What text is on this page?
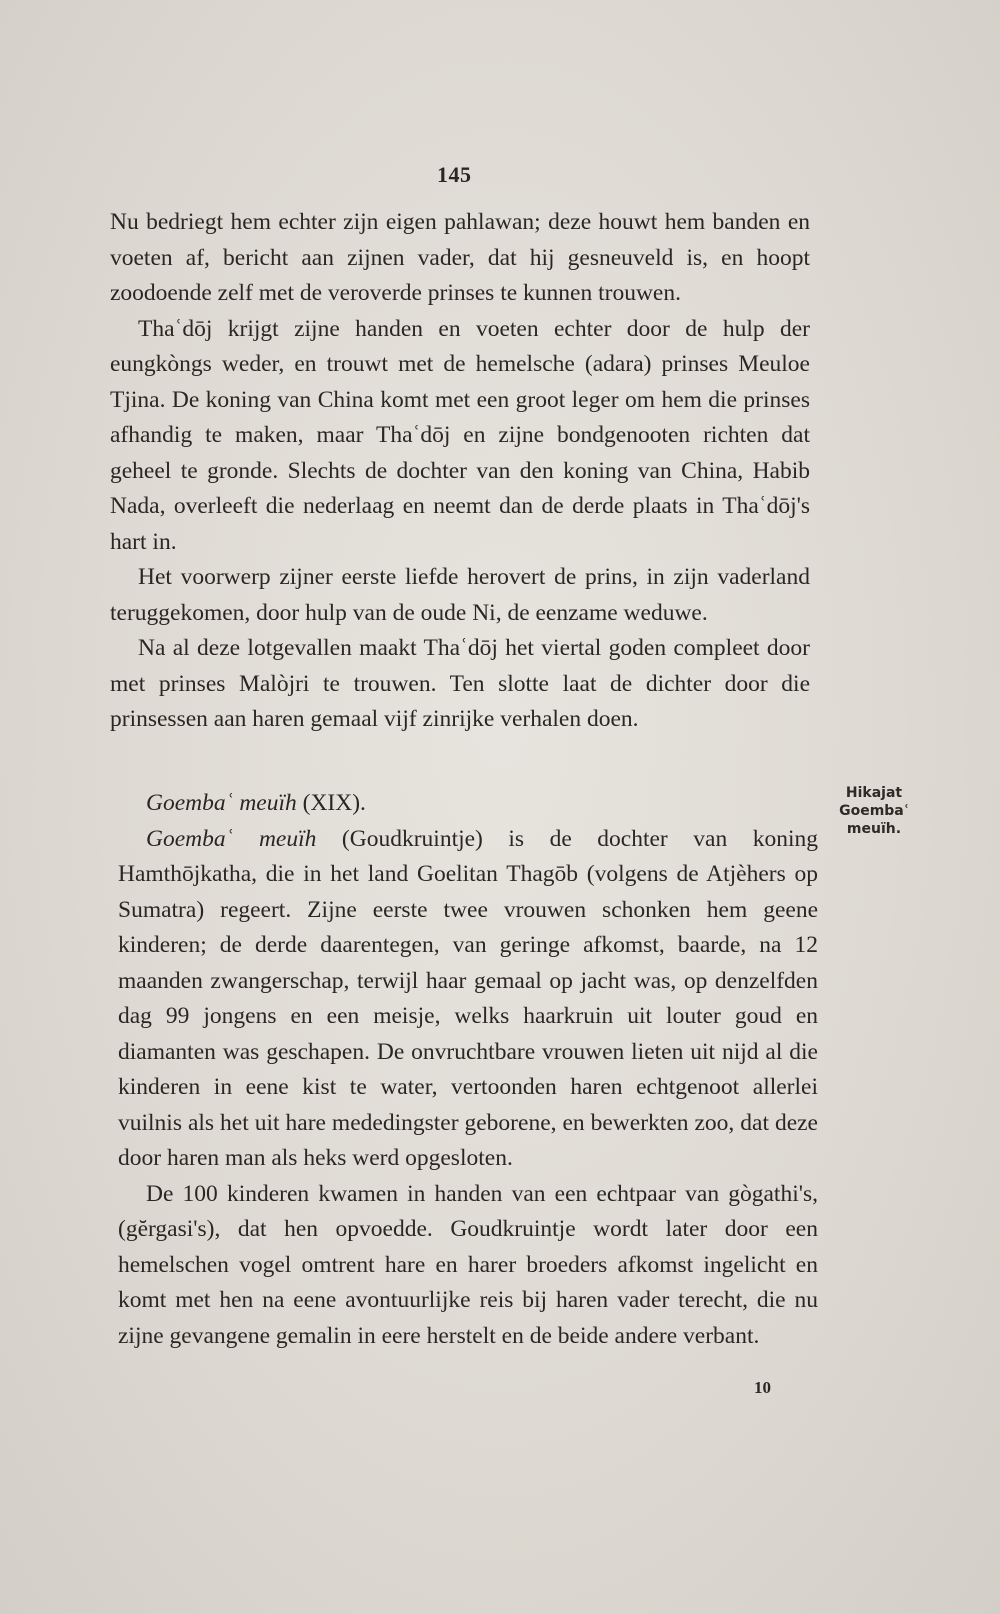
145

Nu bedriegt hem echter zijn eigen pahlawan; deze houwt hem banden en voeten af, bericht aan zijnen vader, dat hij gesneuveld is, en hoopt zoodoende zelf met de veroverde prinses te kunnen trouwen.

Thaʿdōj krijgt zijne handen en voeten echter door de hulp der eungkòngs weder, en trouwt met de hemelsche (adara) prinses Meuloe Tjina. De koning van China komt met een groot leger om hem die prinses afhandig te maken, maar Thaʿdōj en zijne bondgenooten richten dat geheel te gronde. Slechts de dochter van den koning van China, Habib Nada, overleeft die nederlaag en neemt dan de derde plaats in Thaʿdōj's hart in.

Het voorwerp zijner eerste liefde herovert de prins, in zijn vaderland teruggekomen, door hulp van de oude Ni, de eenzame weduwe.

Na al deze lotgevallen maakt Thaʿdōj het viertal goden compleet door met prinses Malòjri te trouwen. Ten slotte laat de dichter door die prinsessen aan haren gemaal vijf zinrijke verhalen doen.

Goembaʿ meuïh (XIX).

Goembaʿ meuïh (Goudkruintje) is de dochter van koning Hamthōjkatha, die in het land Goelitan Thagōb (volgens de Atjèhers op Sumatra) regeert. Zijne eerste twee vrouwen schonken hem geene kinderen; de derde daarentegen, van geringe afkomst, baarde, na 12 maanden zwangerschap, terwijl haar gemaal op jacht was, op denzelfden dag 99 jongens en een meisje, welks haarkruin uit louter goud en diamanten was geschapen. De onvruchtbare vrouwen lieten uit nijd al die kinderen in eene kist te water, vertoonden haren echtgenoot allerlei vuilnis als het uit hare mededingster geborene, en bewerkten zoo, dat deze door haren man als heks werd opgesloten.

De 100 kinderen kwamen in handen van een echtpaar van gògathi's, (gĕrgasi's), dat hen opvoedde. Goudkruintje wordt later door een hemelschen vogel omtrent hare en harer broeders afkomst ingelicht en komt met hen na eene avontuurlijke reis bij haren vader terecht, die nu zijne gevangene gemalin in eere herstelt en de beide andere verbant.

Hikajat
Goembaʿ
meuïh.
10
